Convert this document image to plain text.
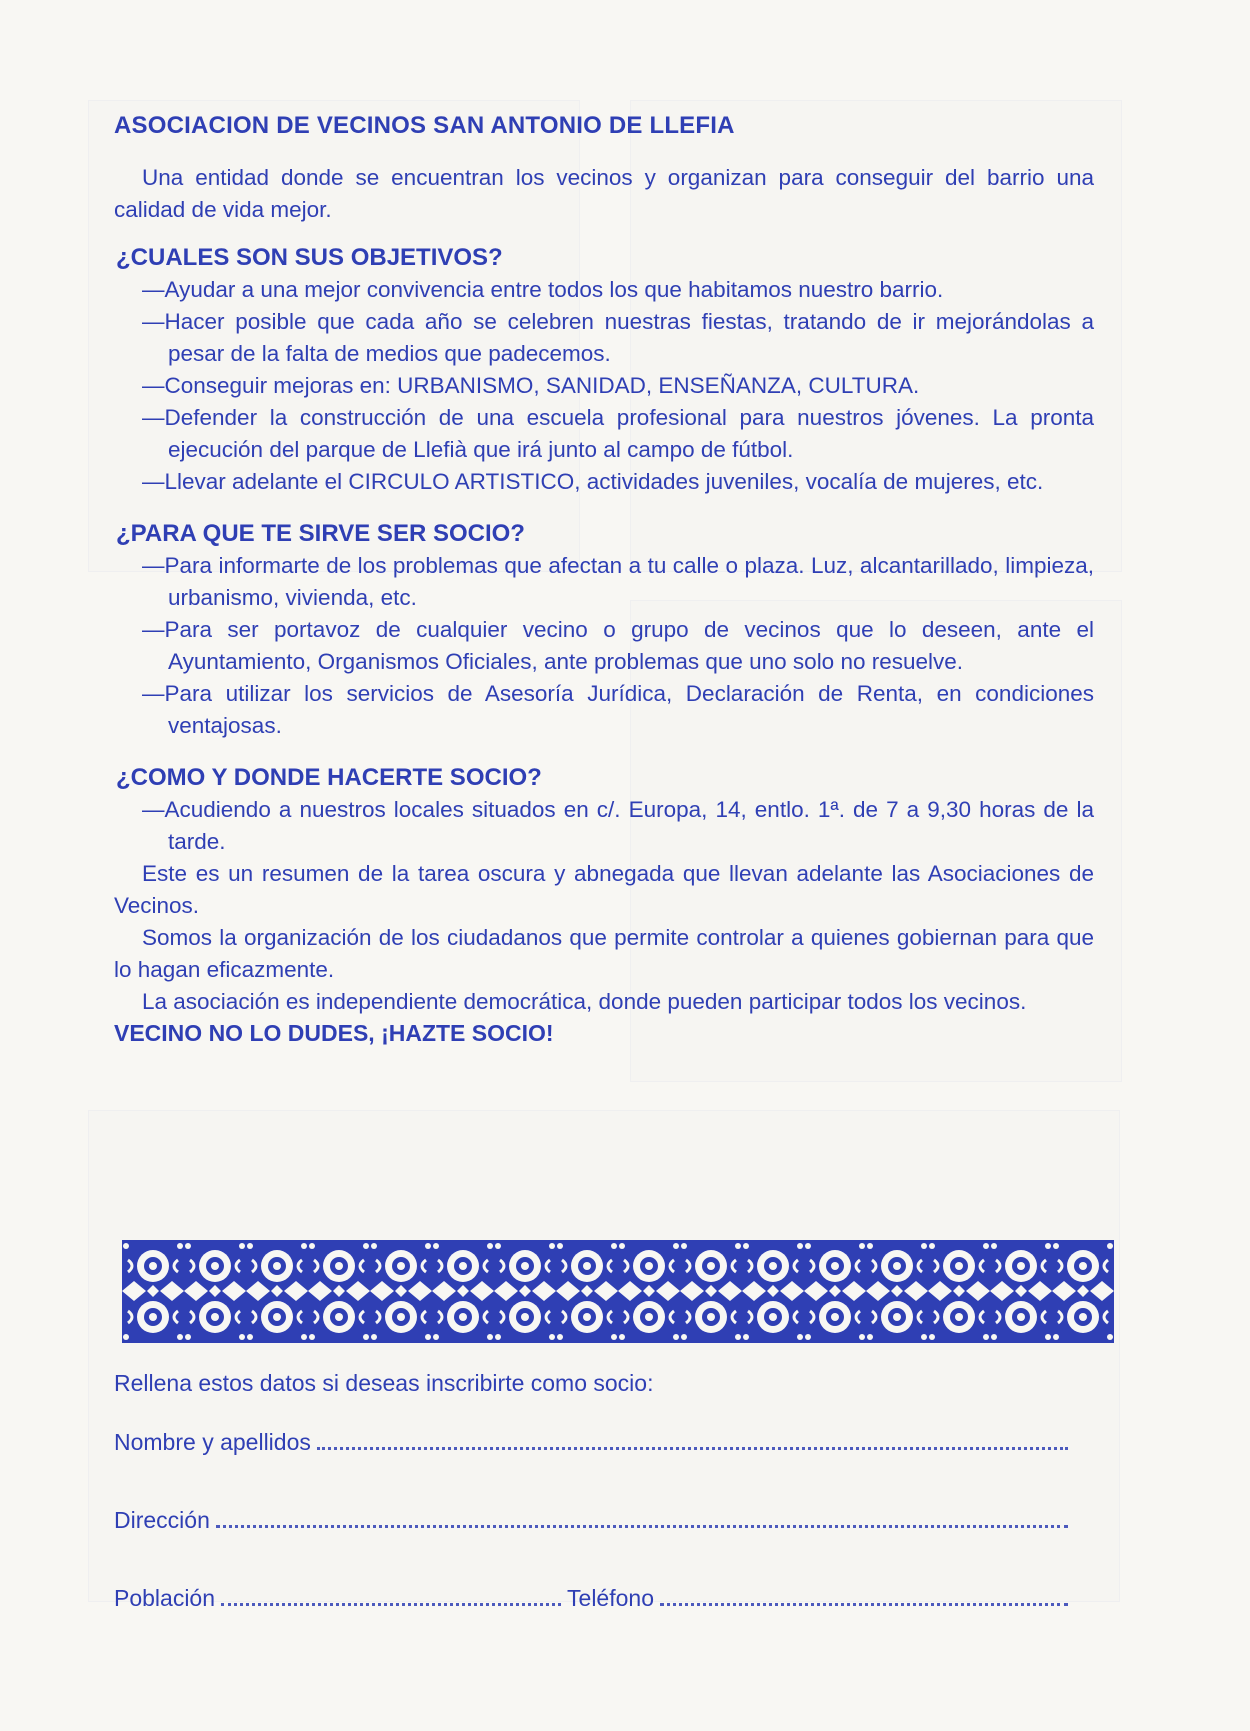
ASOCIACION DE VECINOS SAN ANTONIO DE LLEFIA

Una entidad donde se encuentran los vecinos y organizan para conseguir del barrio una calidad de vida mejor.

¿CUALES SON SUS OBJETIVOS?
— Ayudar a una mejor convivencia entre todos los que habitamos nuestro barrio.
— Hacer posible que cada año se celebren nuestras fiestas, tratando de ir mejorándolas a pesar de la falta de medios que padecemos.
— Conseguir mejoras en: URBANISMO, SANIDAD, ENSEÑANZA, CULTURA.
— Defender la construcción de una escuela profesional para nuestros jóvenes. La pronta ejecución del parque de Llefià que irá junto al campo de fútbol.
— Llevar adelante el CIRCULO ARTISTICO, actividades juveniles, vocalía de mujeres, etc.
¿PARA QUE TE SIRVE SER SOCIO?
— Para informarte de los problemas que afectan a tu calle o plaza. Luz, alcantarillado, limpieza, urbanismo, vivienda, etc.
— Para ser portavoz de cualquier vecino o grupo de vecinos que lo deseen, ante el Ayuntamiento, Organismos Oficiales, ante problemas que uno solo no resuelve.
— Para utilizar los servicios de Asesoría Jurídica, Declaración de Renta, en condiciones ventajosas.
¿COMO Y DONDE HACERTE SOCIO?
— Acudiendo a nuestros locales situados en c/. Europa, 14, entlo. 1ª. de 7 a 9,30 horas de la tarde.

Este es un resumen de la tarea oscura y abnegada que llevan adelante las Asociaciones de Vecinos.

Somos la organización de los ciudadanos que permite controlar a quienes gobiernan para que lo hagan eficazmente.

La asociación es independiente democrática, donde pueden participar todos los vecinos.

VECINO NO LO DUDES, ¡HAZTE SOCIO!
Rellena estos datos si deseas inscribirte como socio:
Nombre y apellidos
Dirección
Población	Teléfono
